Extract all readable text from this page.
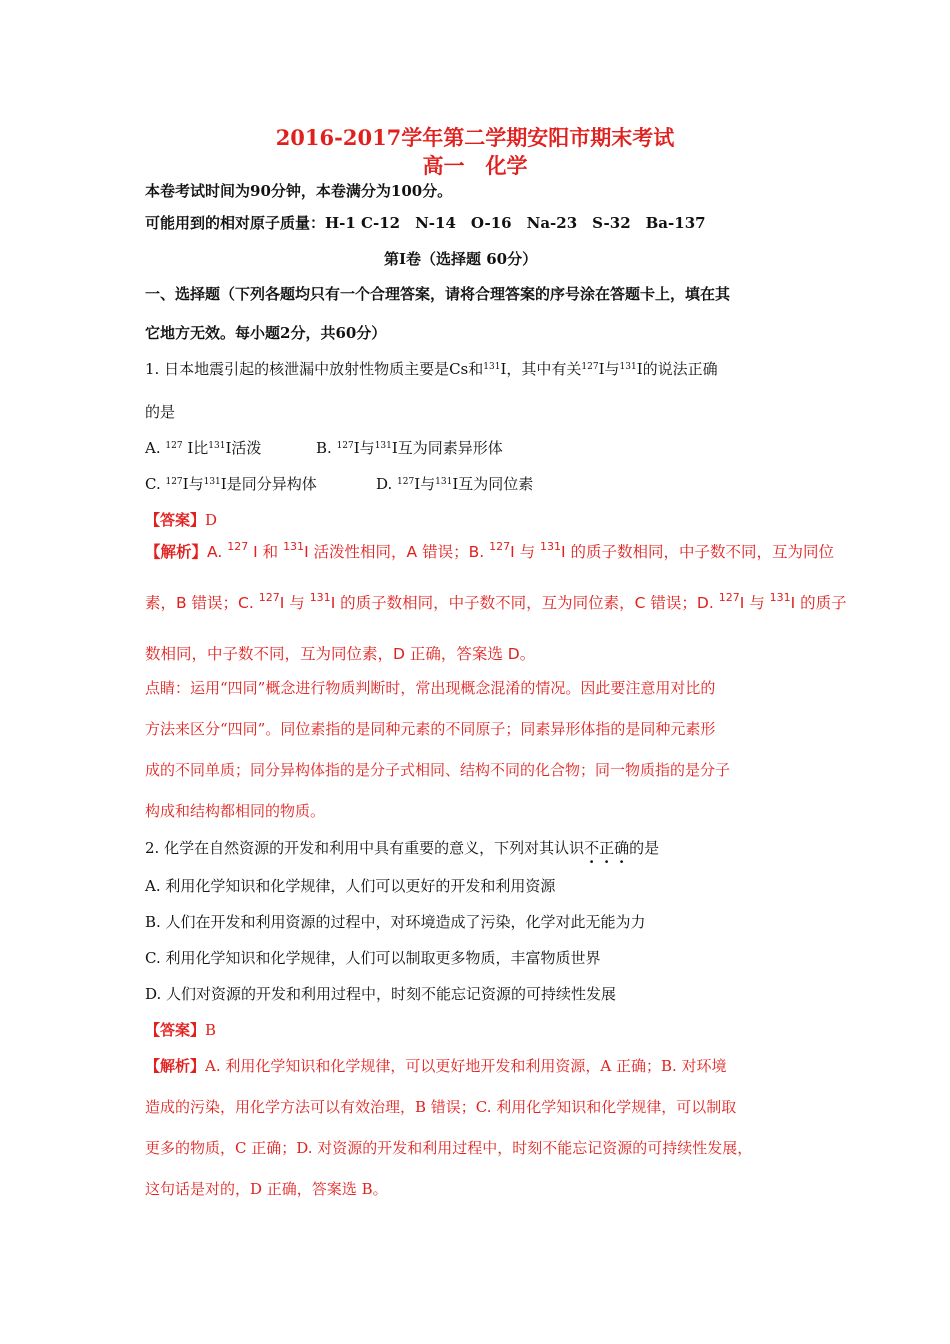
2016-2017学年第二学期安阳市期末考试
高一　化学
本卷考试时间为90分钟，本卷满分为100分。
可能用到的相对原子质量：H-1 C-12　N-14　O-16　Na-23　S-32　Ba-137
第Ⅰ卷（选择题 60分）
一、选择题（下列各题均只有一个合理答案，请将合理答案的序号涂在答题卡上，填在其
它地方无效。每小题2分，共60分）
1. 日本地震引起的核泄漏中放射性物质主要是Cs和$^{131}$I，其中有关$^{127}$I与$^{131}$I的说法正确
的是
A. $^{127}$ I比$^{131}$I活泼	B. $^{127}$I与$^{131}$I互为同素异形体
C. $^{127}$I与$^{131}$I是同分异构体	D. $^{127}$I与$^{131}$I互为同位素
【答案】D
【解析】A. $^{127}$ I 和 $^{131}$I 活泼性相同，A 错误；B. $^{127}$I 与 $^{131}$I 的质子数相同，中子数不同，互为同位
素，B 错误；C. $^{127}$I 与 $^{131}$I 的质子数相同，中子数不同，互为同位素，C 错误；D. $^{127}$I 与 $^{131}$I 的质子
数相同，中子数不同，互为同位素，D 正确，答案选 D。
点睛：运用“四同”概念进行物质判断时，常出现概念混淆的情况。因此要注意用对比的
方法来区分“四同”。同位素指的是同种元素的不同原子；同素异形体指的是同种元素形
成的不同单质；同分异构体指的是分子式相同、结构不同的化合物；同一物质指的是分子
构成和结构都相同的物质。
2. 化学在自然资源的开发和利用中具有重要的意义，下列对其认识不正确的是
A. 利用化学知识和化学规律，人们可以更好的开发和利用资源
B. 人们在开发和利用资源的过程中，对环境造成了污染，化学对此无能为力
C. 利用化学知识和化学规律，人们可以制取更多物质，丰富物质世界
D. 人们对资源的开发和利用过程中，时刻不能忘记资源的可持续性发展
【答案】B
【解析】A. 利用化学知识和化学规律，可以更好地开发和利用资源，A 正确；B. 对环境
造成的污染，用化学方法可以有效治理，B 错误；C. 利用化学知识和化学规律，可以制取
更多的物质，C 正确；D. 对资源的开发和利用过程中，时刻不能忘记资源的可持续性发展，
这句话是对的，D 正确，答案选 B。
